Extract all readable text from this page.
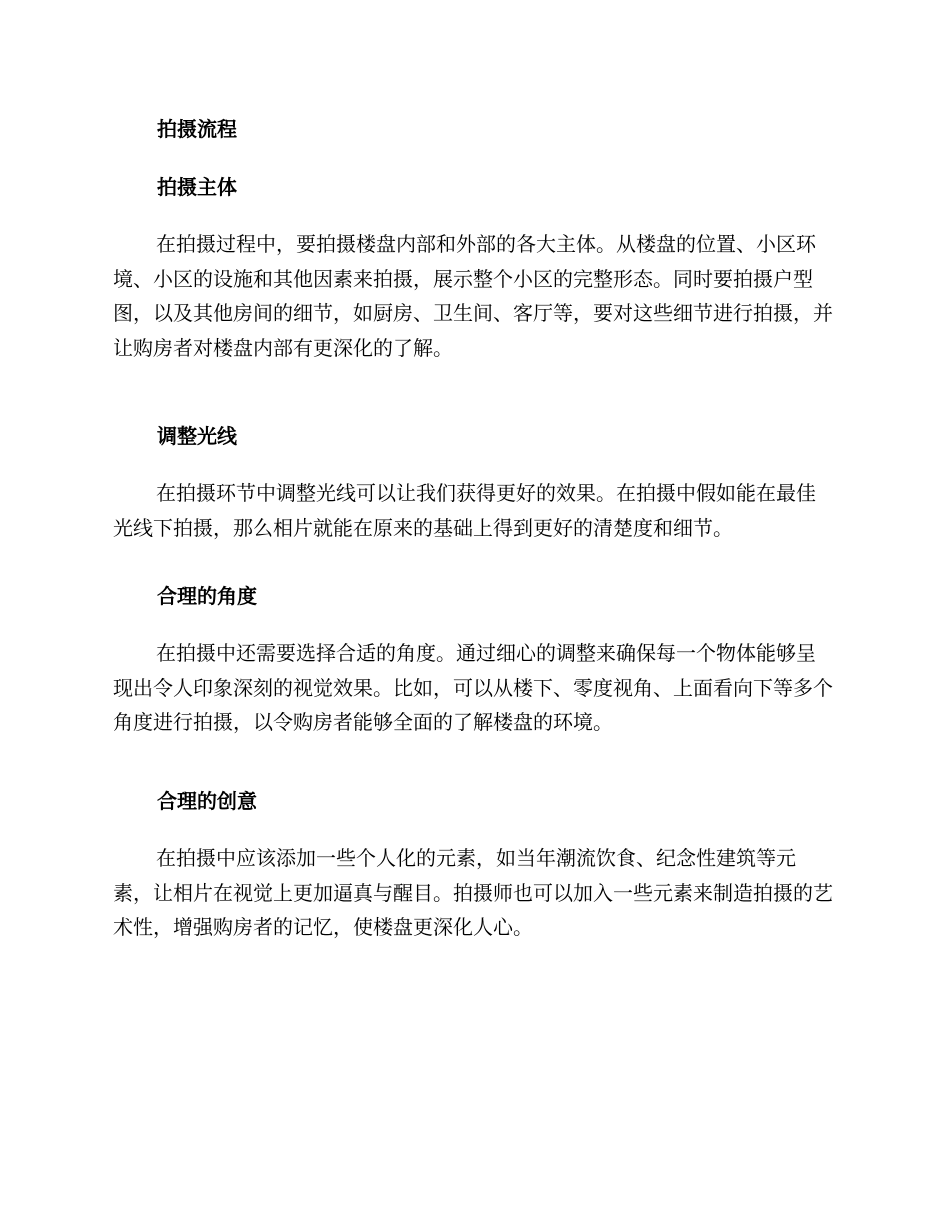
拍摄流程
拍摄主体

在拍摄过程中，要拍摄楼盘内部和外部的各大主体。从楼盘的位置、小区环境、小区的设施和其他因素来拍摄，展示整个小区的完整形态。同时要拍摄户型图，以及其他房间的细节，如厨房、卫生间、客厅等，要对这些细节进行拍摄，并让购房者对楼盘内部有更深化的了解。

调整光线

在拍摄环节中调整光线可以让我们获得更好的效果。在拍摄中假如能在最佳光线下拍摄，那么相片就能在原来的基础上得到更好的清楚度和细节。

合理的角度

在拍摄中还需要选择合适的角度。通过细心的调整来确保每一个物体能够呈现出令人印象深刻的视觉效果。比如，可以从楼下、零度视角、上面看向下等多个角度进行拍摄，以令购房者能够全面的了解楼盘的环境。

合理的创意

在拍摄中应该添加一些个人化的元素，如当年潮流饮食、纪念性建筑等元素，让相片在视觉上更加逼真与醒目。拍摄师也可以加入一些元素来制造拍摄的艺术性，增强购房者的记忆，使楼盘更深化人心。
